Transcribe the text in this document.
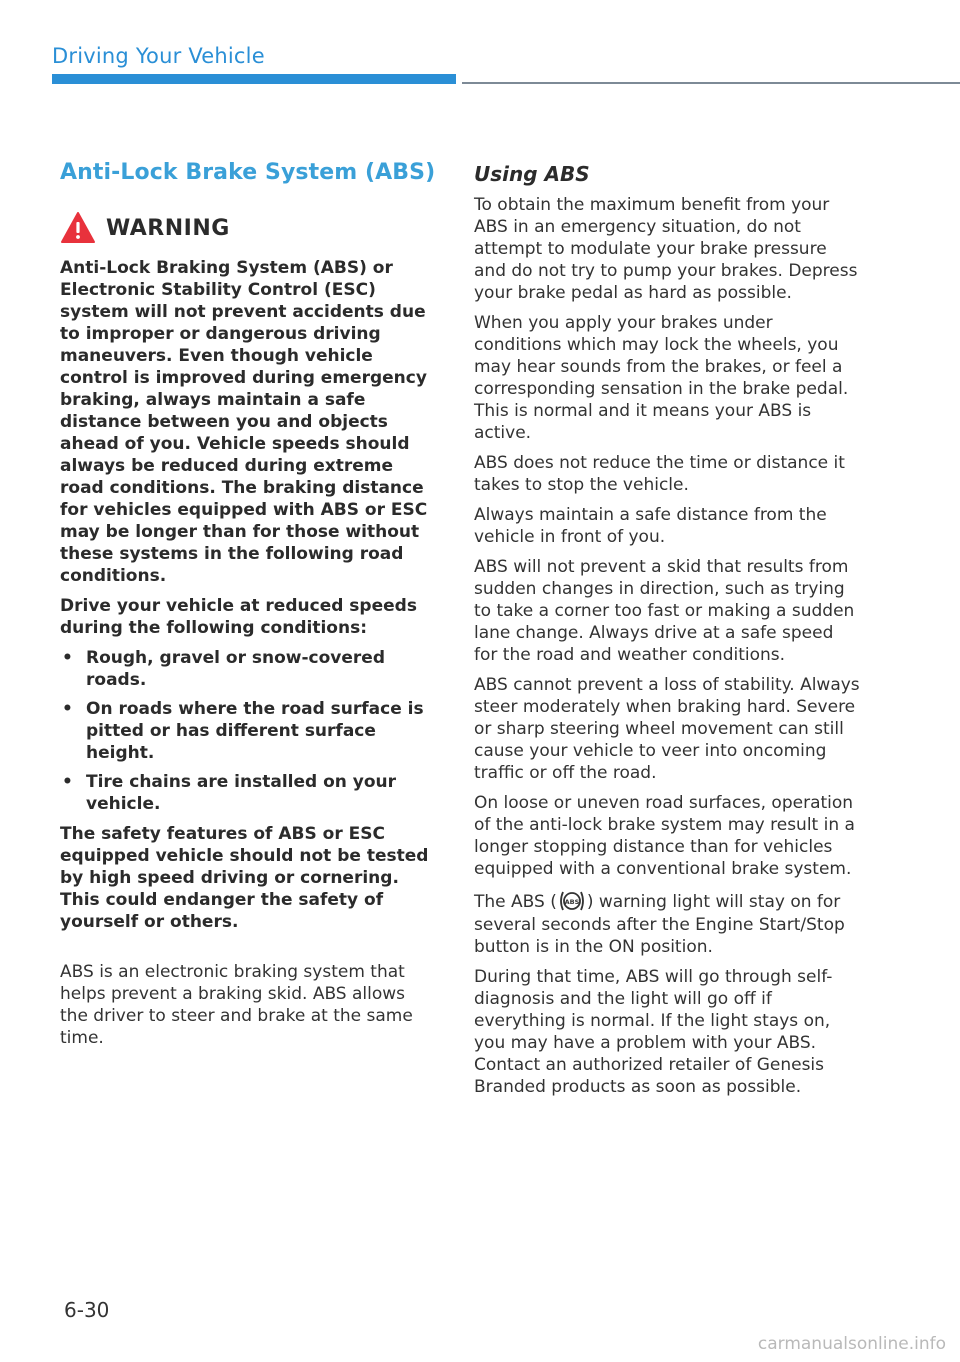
Driving Your Vehicle
Anti-Lock Brake System (ABS)
WARNING

Anti-Lock Braking System (ABS) or Electronic Stability Control (ESC) system will not prevent accidents due to improper or dangerous driving maneuvers. Even though vehicle control is improved during emergency braking, always maintain a safe distance between you and objects ahead of you. Vehicle speeds should always be reduced during extreme road conditions. The braking distance for vehicles equipped with ABS or ESC may be longer than for those without these systems in the following road conditions.

Drive your vehicle at reduced speeds during the following conditions:

• Rough, gravel or snow-covered roads.
• On roads where the road surface is pitted or has different surface height.
• Tire chains are installed on your vehicle.

The safety features of ABS or ESC equipped vehicle should not be tested by high speed driving or cornering. This could endanger the safety of yourself or others.

ABS is an electronic braking system that helps prevent a braking skid. ABS allows the driver to steer and brake at the same time.

Using ABS

To obtain the maximum benefit from your ABS in an emergency situation, do not attempt to modulate your brake pressure and do not try to pump your brakes. Depress your brake pedal as hard as possible.

When you apply your brakes under conditions which may lock the wheels, you may hear sounds from the brakes, or feel a corresponding sensation in the brake pedal. This is normal and it means your ABS is active.

ABS does not reduce the time or distance it takes to stop the vehicle.

Always maintain a safe distance from the vehicle in front of you.

ABS will not prevent a skid that results from sudden changes in direction, such as trying to take a corner too fast or making a sudden lane change. Always drive at a safe speed for the road and weather conditions.

ABS cannot prevent a loss of stability. Always steer moderately when braking hard. Severe or sharp steering wheel movement can still cause your vehicle to veer into oncoming traffic or off the road.

On loose or uneven road surfaces, operation of the anti-lock brake system may result in a longer stopping distance than for vehicles equipped with a conventional brake system.

The ABS ( ABS ) warning light will stay on for several seconds after the Engine Start/Stop button is in the ON position.

During that time, ABS will go through self-diagnosis and the light will go off if everything is normal. If the light stays on, you may have a problem with your ABS. Contact an authorized retailer of Genesis Branded products as soon as possible.

6-30
carmanualsonline.info
